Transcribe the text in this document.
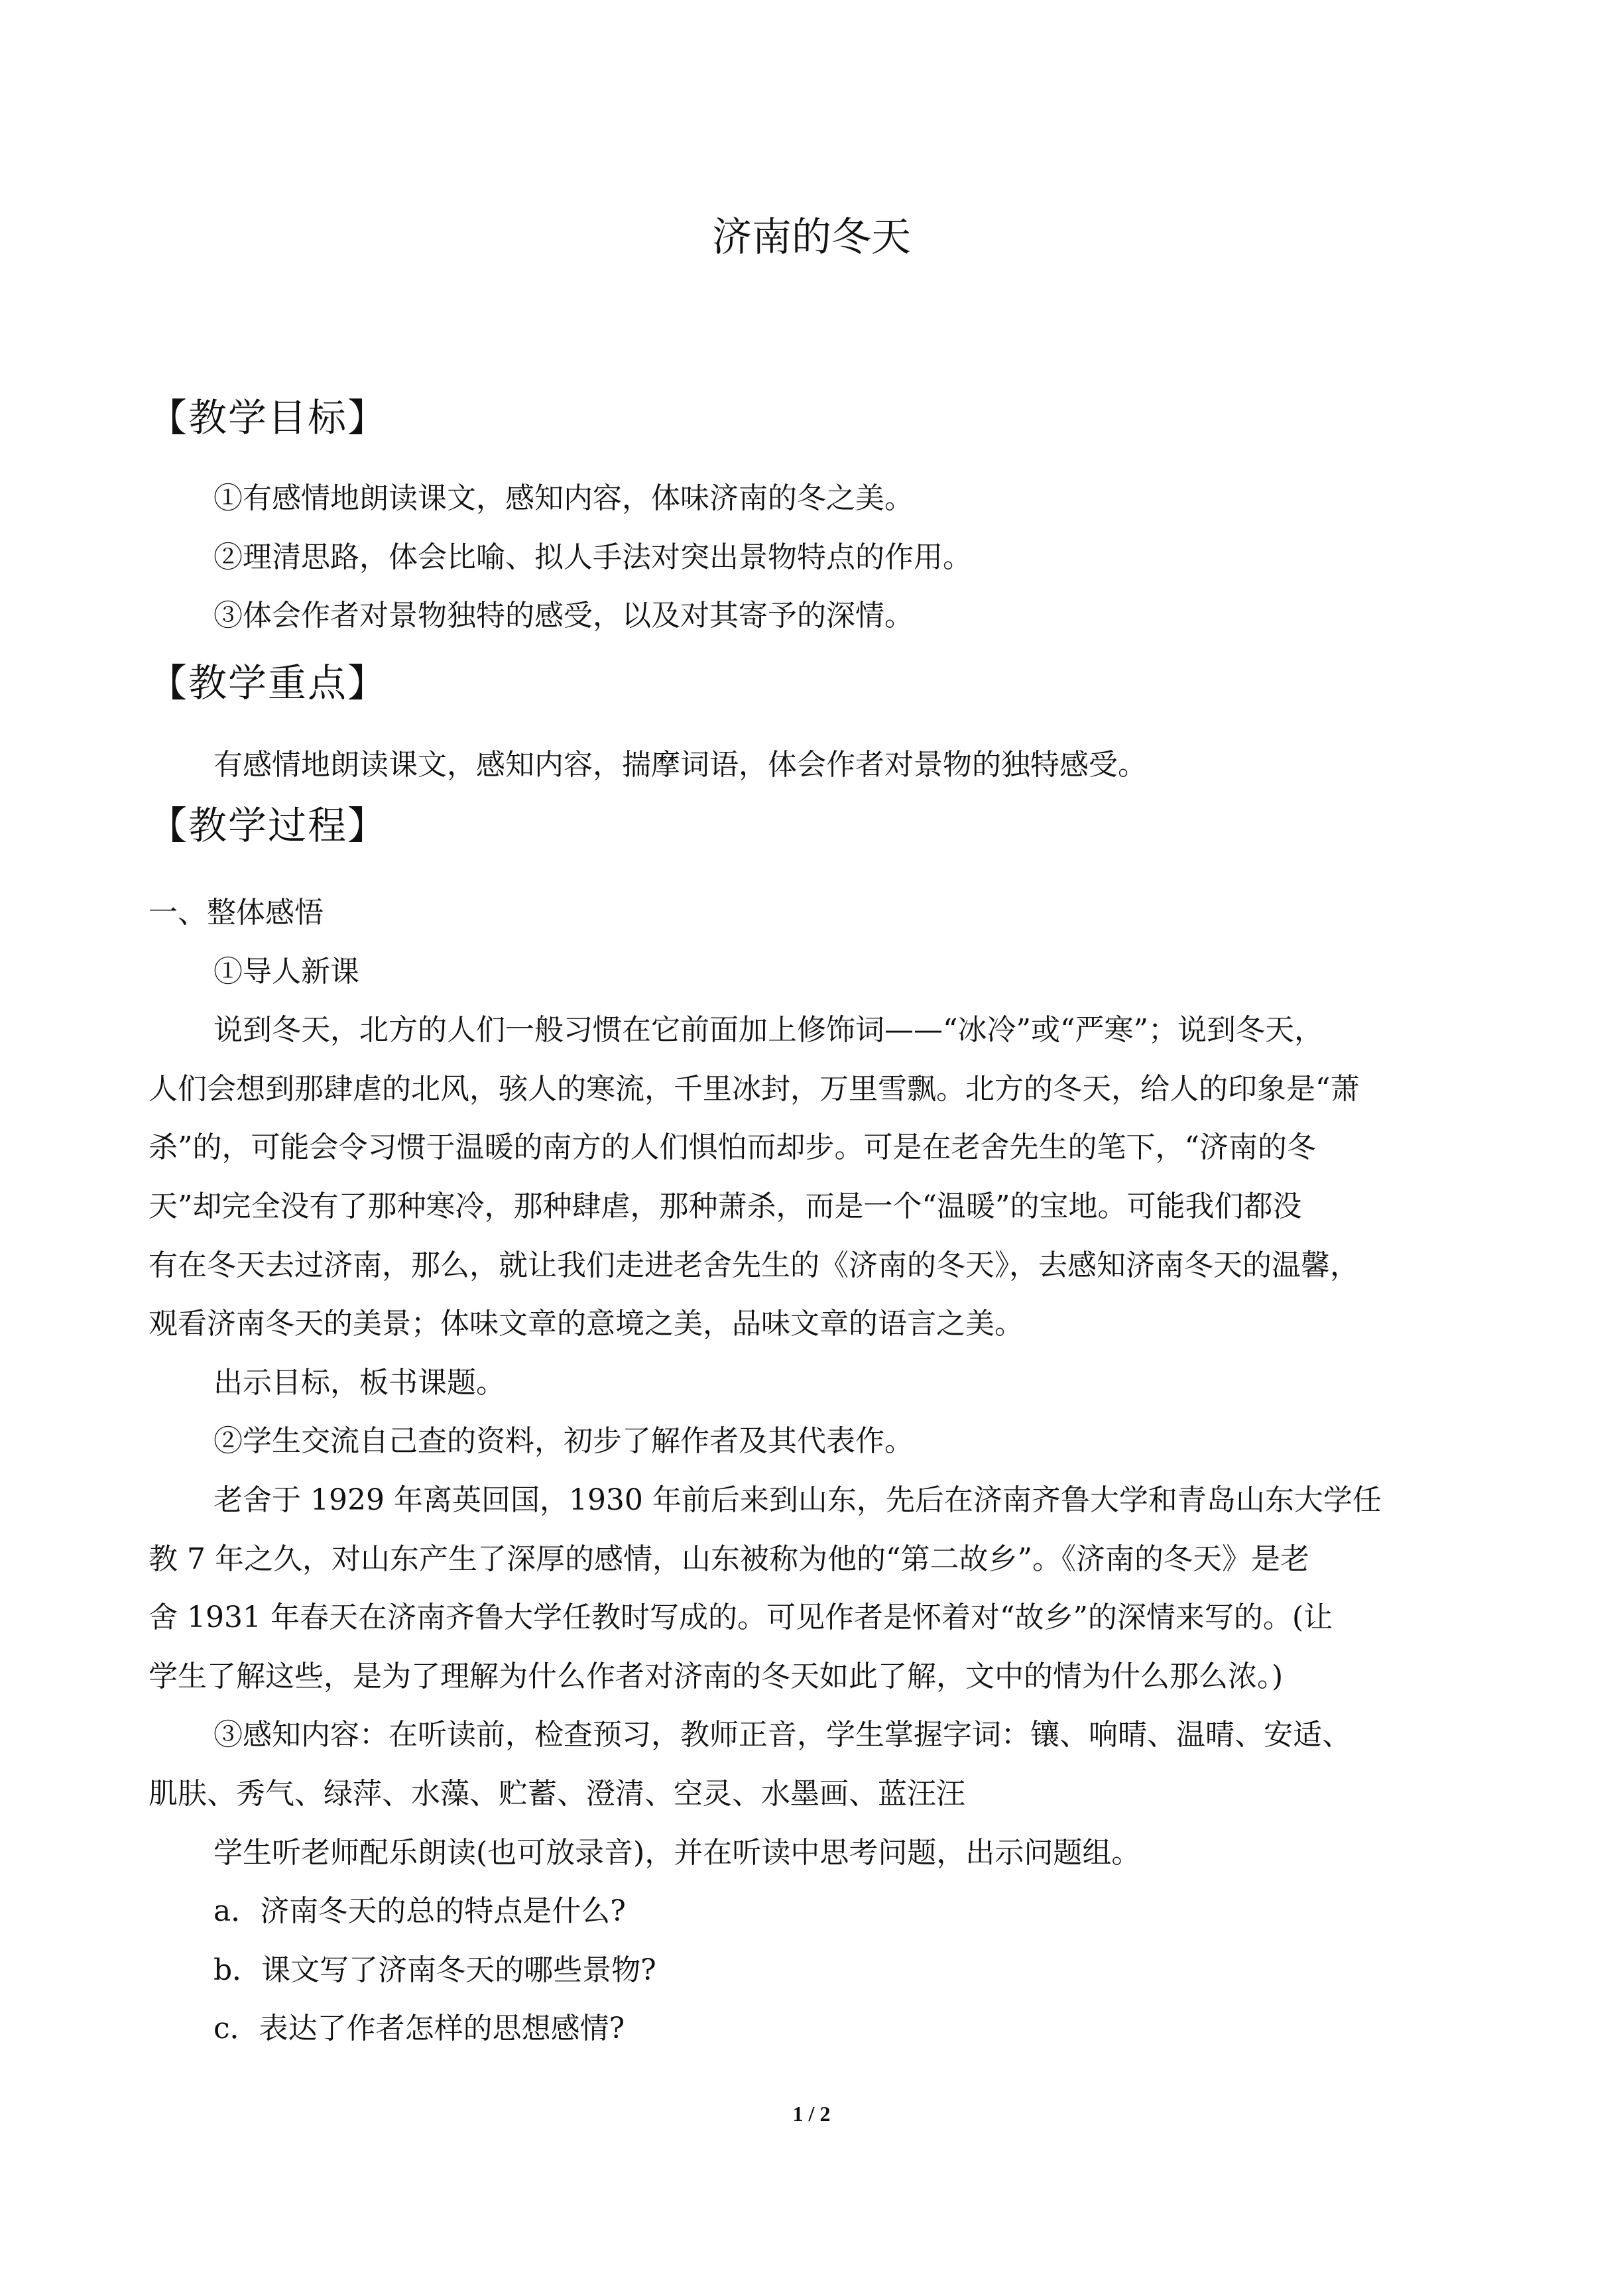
济南的冬天
【教学目标】
①有感情地朗读课文，感知内容，体味济南的冬之美。
②理清思路，体会比喻、拟人手法对突出景物特点的作用。
③体会作者对景物独特的感受，以及对其寄予的深情。
【教学重点】
有感情地朗读课文，感知内容，揣摩词语，体会作者对景物的独特感受。
【教学过程】
一、整体感悟
①导人新课
说到冬天，北方的人们一般习惯在它前面加上修饰词——“冰冷”或“严寒”；说到冬天，
人们会想到那肆虐的北风，骇人的寒流，千里冰封，万里雪飘。北方的冬天，给人的印象是“萧
杀”的，可能会令习惯于温暖的南方的人们惧怕而却步。可是在老舍先生的笔下，“济南的冬
天”却完全没有了那种寒冷，那种肆虐，那种萧杀，而是一个“温暖”的宝地。可能我们都没
有在冬天去过济南，那么，就让我们走进老舍先生的《济南的冬天》，去感知济南冬天的温馨，
观看济南冬天的美景；体味文章的意境之美，品味文章的语言之美。
出示目标，板书课题。
②学生交流自己查的资料，初步了解作者及其代表作。
老舍于 1929 年离英回国，1930 年前后来到山东，先后在济南齐鲁大学和青岛山东大学任
教 7 年之久，对山东产生了深厚的感情，山东被称为他的“第二故乡”。《济南的冬天》是老
舍 1931 年春天在济南齐鲁大学任教时写成的。可见作者是怀着对“故乡”的深情来写的。(让
学生了解这些，是为了理解为什么作者对济南的冬天如此了解，文中的情为什么那么浓。)
③感知内容：在听读前，检查预习，教师正音，学生掌握字词：镶、响晴、温晴、安适、
肌肤、秀气、绿萍、水藻、贮蓄、澄清、空灵、水墨画、蓝汪汪
学生听老师配乐朗读(也可放录音)，并在听读中思考问题，出示问题组。
a．济南冬天的总的特点是什么?
b．课文写了济南冬天的哪些景物?
c．表达了作者怎样的思想感情?
1 / 2
